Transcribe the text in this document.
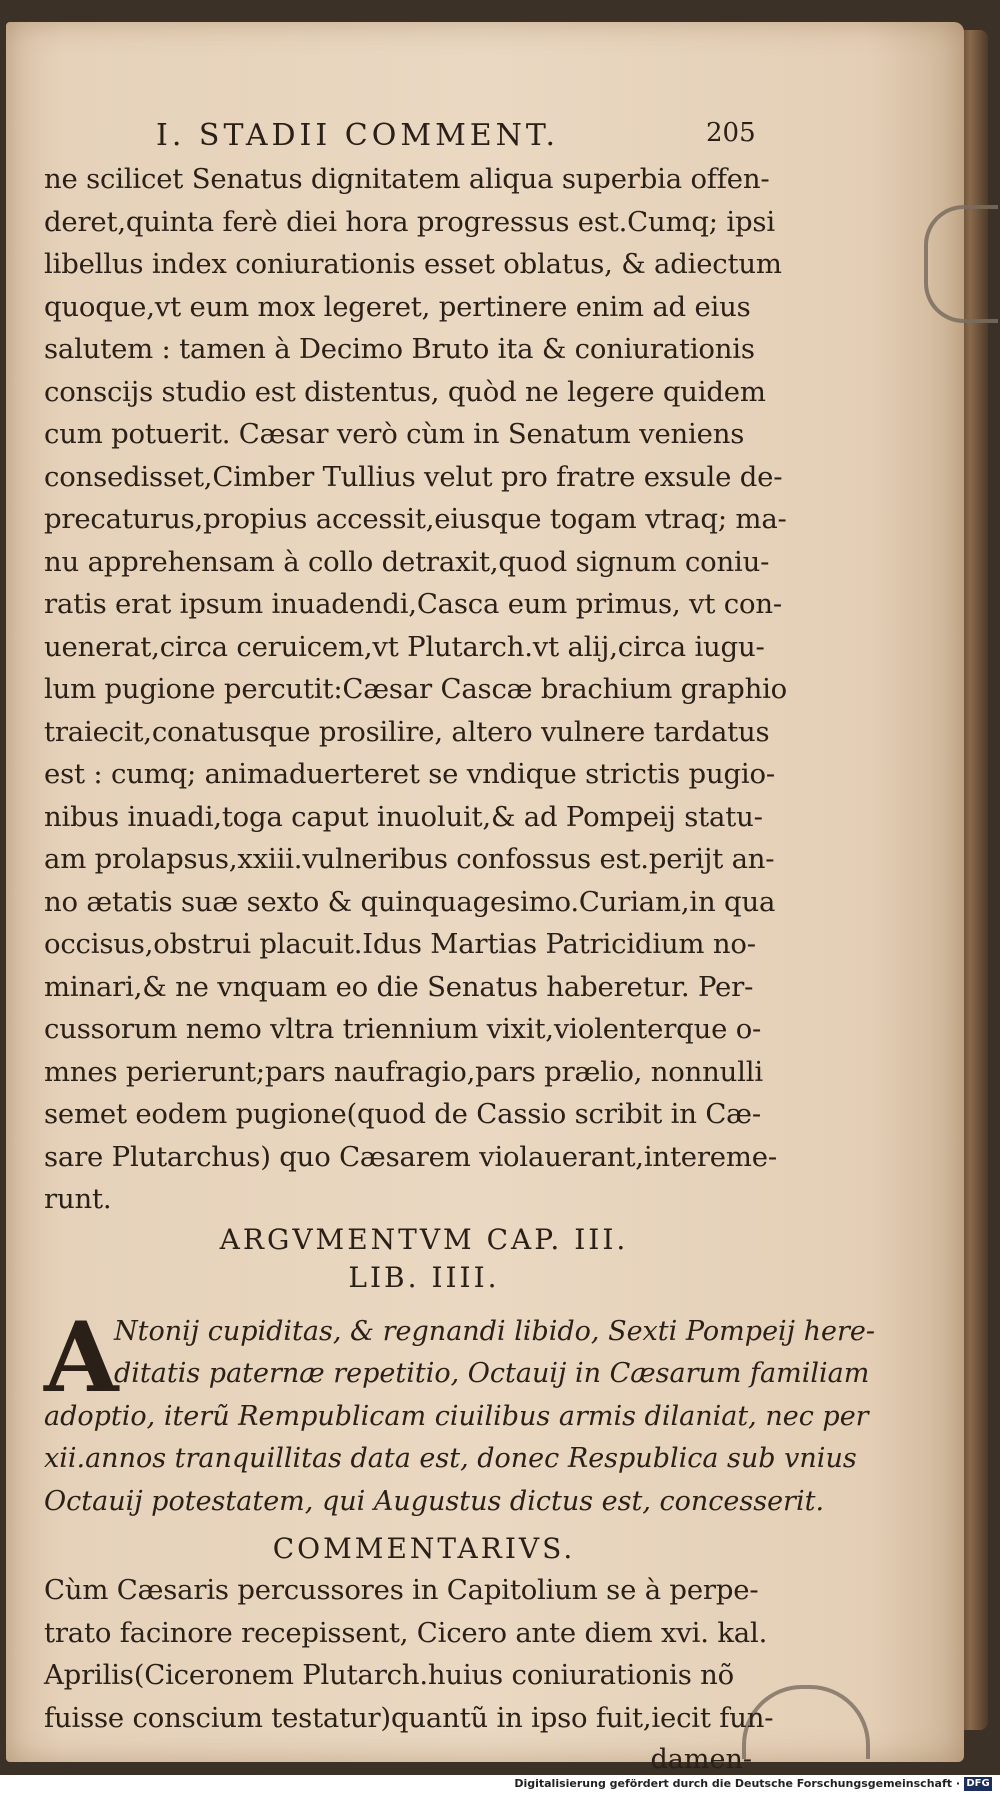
I. STADII COMMENT.	205
ne scilicet Senatus dignitatem aliqua superbia offen-
deret,quinta ferè diei hora progressus est.Cumq; ipsi
libellus index coniurationis esset oblatus, & adiectum
quoque,vt eum mox legeret, pertinere enim ad eius
salutem : tamen à Decimo Bruto ita & coniurationis
conscijs studio est distentus, quòd ne legere quidem
cum potuerit. Cæsar verò cùm in Senatum veniens
consedisset,Cimber Tullius velut pro fratre exsule de-
precaturus,propius accessit,eiusque togam vtraq; ma-
nu apprehensam à collo detraxit,quod signum coniu-
ratis erat ipsum inuadendi,Casca eum primus, vt con-
uenerat,circa ceruicem,vt Plutarch.vt alij,circa iugu-
lum pugione percutit:Cæsar Cascæ brachium graphio
traiecit,conatusque prosilire, altero vulnere tardatus
est : cumq; animaduerteret se vndique strictis pugio-
nibus inuadi,toga caput inuoluit,& ad Pompeij statu-
am prolapsus,xxiii.vulneribus confossus est.perijt an-
no ætatis suæ sexto & quinquagesimo.Curiam,in qua
occisus,obstrui placuit.Idus Martias Patricidium no-
minari,& ne vnquam eo die Senatus haberetur. Per-
cussorum nemo vltra triennium vixit,violenterque o-
mnes perierunt;pars naufragio,pars prælio, nonnulli
semet eodem pugione(quod de Cassio scribit in Cæ-
sare Plutarchus) quo Cæsarem violauerant,intereme-
runt.
ARGVMENTVM CAP. III.
LIB. IIII.
A
Ntonij cupiditas, & regnandi libido, Sexti Pompeij here-
ditatis paternæ repetitio, Octauij in Cæsarum familiam
adoptio, iterũ Rempublicam ciuilibus armis dilaniat, nec per
xii.annos tranquillitas data est, donec Respublica sub vnius
Octauij potestatem, qui Augustus dictus est, concesserit.
COMMENTARIVS.
Cùm Cæsaris percussores in Capitolium se à perpe-
trato facinore recepissent, Cicero ante diem xvi. kal.
Aprilis(Ciceronem Plutarch.huius coniurationis nõ
fuisse conscium testatur)quantũ in ipso fuit,iecit fun-
damen-
Digitalisierung gefördert durch die Deutsche Forschungsgemeinschaft · DFG
